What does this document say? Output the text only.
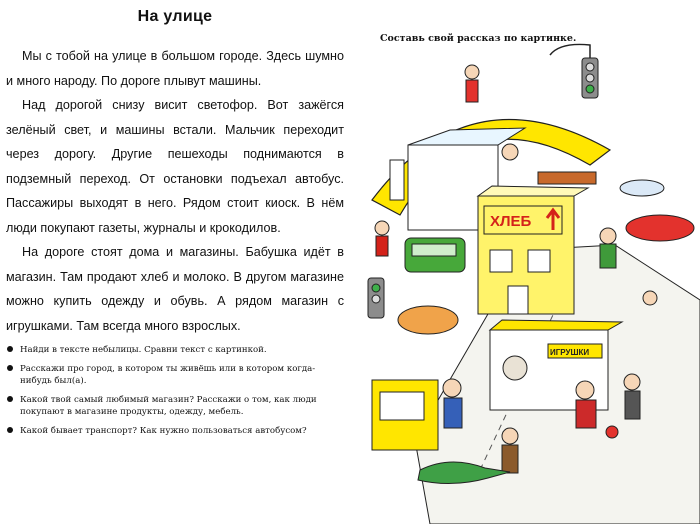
На улице

Мы с тобой на улице в большом городе. Здесь шумно и много народу. По дороге плывут машины.

Над дорогой снизу висит светофор. Вот зажёгся зелёный свет, и машины встали. Мальчик переходит через дорогу. Другие пешеходы поднимаются в подземный переход. От остановки подъехал автобус. Пассажиры выходят в него. Рядом стоит киоск. В нём люди покупают газеты, журналы и крокодилов.

На дороге стоят дома и магазины. Бабушка идёт в магазин. Там продают хлеб и молоко. В другом магазине можно купить одежду и обувь. А рядом магазин с игрушками. Там всегда много взрослых.

Найди в тексте небылицы. Сравни текст с картинкой.
Расскажи про город, в котором ты живёшь или в котором когда-нибудь был(а).
Какой твой самый любимый магазин? Расскажи о том, как люди покупают в магазине продукты, одежду, мебель.
Какой бывает транспорт? Как нужно пользоваться автобусом?
Составь свой рассказ по картинке.
ХЛЕБ
ИГРУШКИ
